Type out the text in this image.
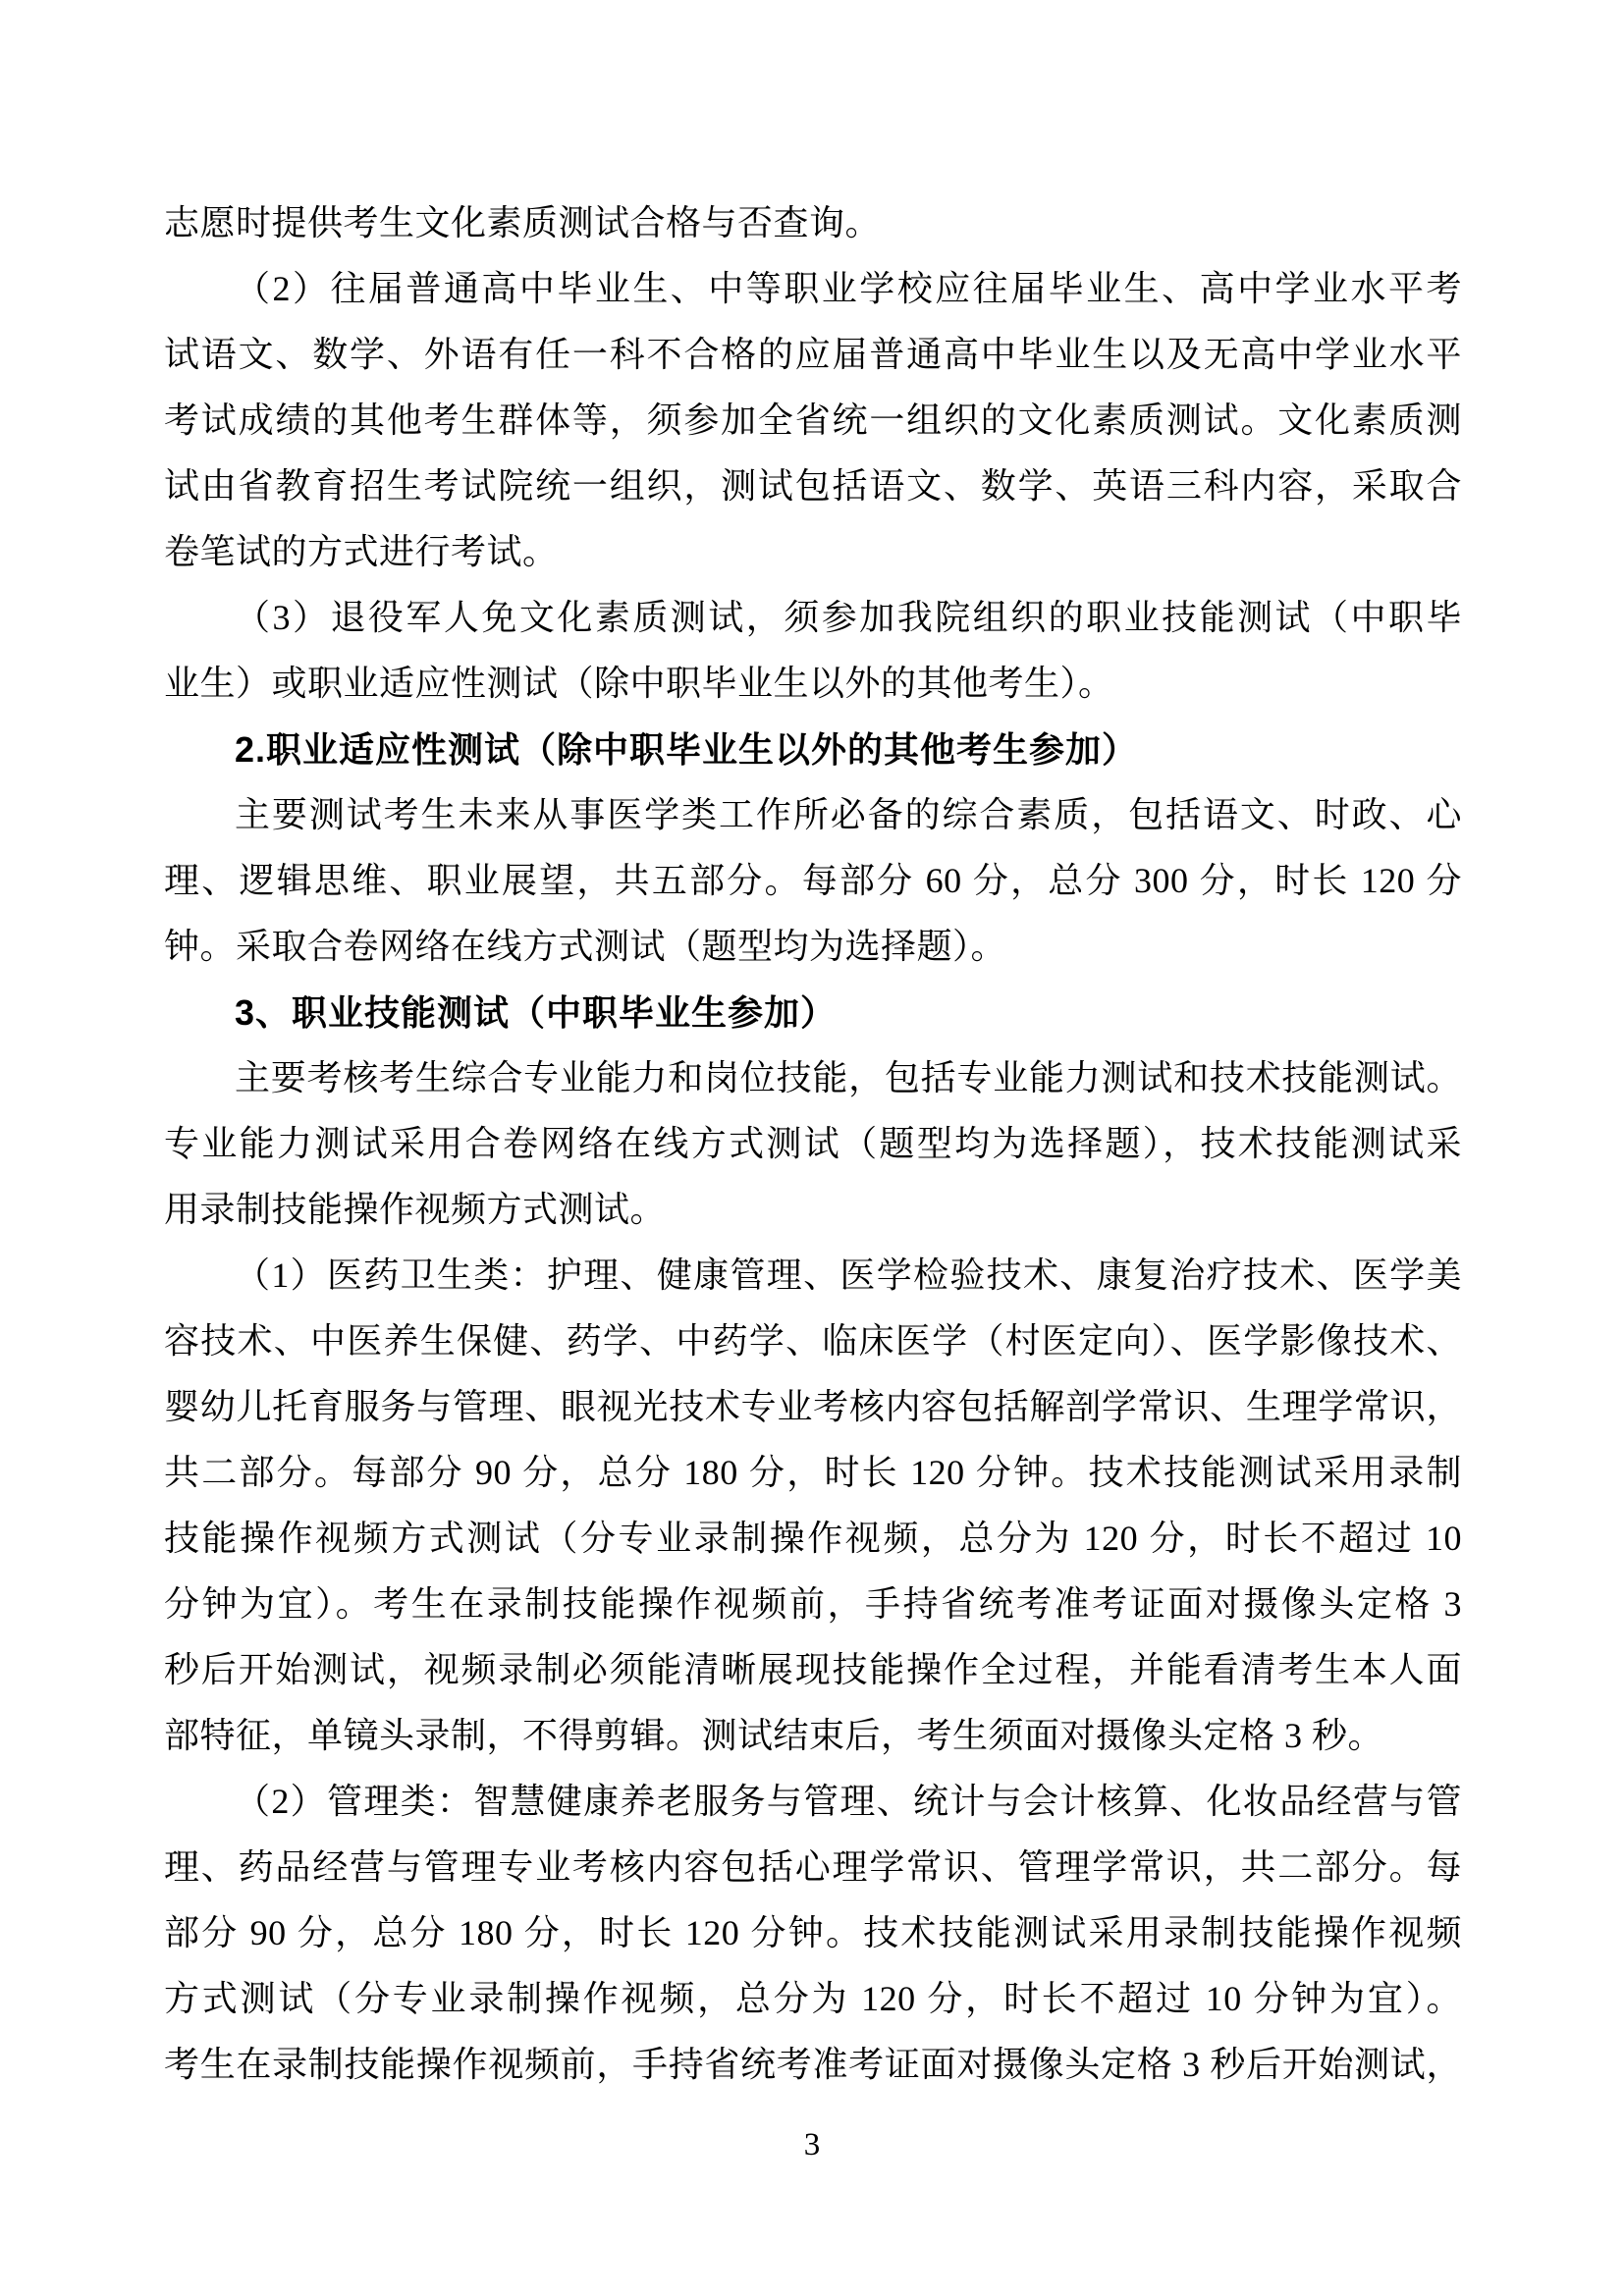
志愿时提供考生文化素质测试合格与否查询。
（2）往届普通高中毕业生、中等职业学校应往届毕业生、高中学业水平考
试语文、数学、外语有任一科不合格的应届普通高中毕业生以及无高中学业水平
考试成绩的其他考生群体等，须参加全省统一组织的文化素质测试。文化素质测
试由省教育招生考试院统一组织，测试包括语文、数学、英语三科内容，采取合
卷笔试的方式进行考试。
（3）退役军人免文化素质测试，须参加我院组织的职业技能测试（中职毕
业生）或职业适应性测试（除中职毕业生以外的其他考生）。
2.职业适应性测试（除中职毕业生以外的其他考生参加）
主要测试考生未来从事医学类工作所必备的综合素质，包括语文、时政、心
理、逻辑思维、职业展望，共五部分。每部分 60 分，总分 300 分，时长 120 分
钟。采取合卷网络在线方式测试（题型均为选择题）。
3、职业技能测试（中职毕业生参加）
主要考核考生综合专业能力和岗位技能，包括专业能力测试和技术技能测试。
专业能力测试采用合卷网络在线方式测试（题型均为选择题），技术技能测试采
用录制技能操作视频方式测试。
（1）医药卫生类：护理、健康管理、医学检验技术、康复治疗技术、医学美
容技术、中医养生保健、药学、中药学、临床医学（村医定向）、医学影像技术、
婴幼儿托育服务与管理、眼视光技术专业考核内容包括解剖学常识、生理学常识，
共二部分。每部分 90 分，总分 180 分，时长 120 分钟。技术技能测试采用录制
技能操作视频方式测试（分专业录制操作视频，总分为 120 分，时长不超过 10
分钟为宜）。考生在录制技能操作视频前，手持省统考准考证面对摄像头定格 3
秒后开始测试，视频录制必须能清晰展现技能操作全过程，并能看清考生本人面
部特征，单镜头录制，不得剪辑。测试结束后，考生须面对摄像头定格 3 秒。
（2）管理类：智慧健康养老服务与管理、统计与会计核算、化妆品经营与管
理、药品经营与管理专业考核内容包括心理学常识、管理学常识，共二部分。每
部分 90 分，总分 180 分，时长 120 分钟。技术技能测试采用录制技能操作视频
方式测试（分专业录制操作视频，总分为 120 分，时长不超过 10 分钟为宜）。
考生在录制技能操作视频前，手持省统考准考证面对摄像头定格 3 秒后开始测试，
3
